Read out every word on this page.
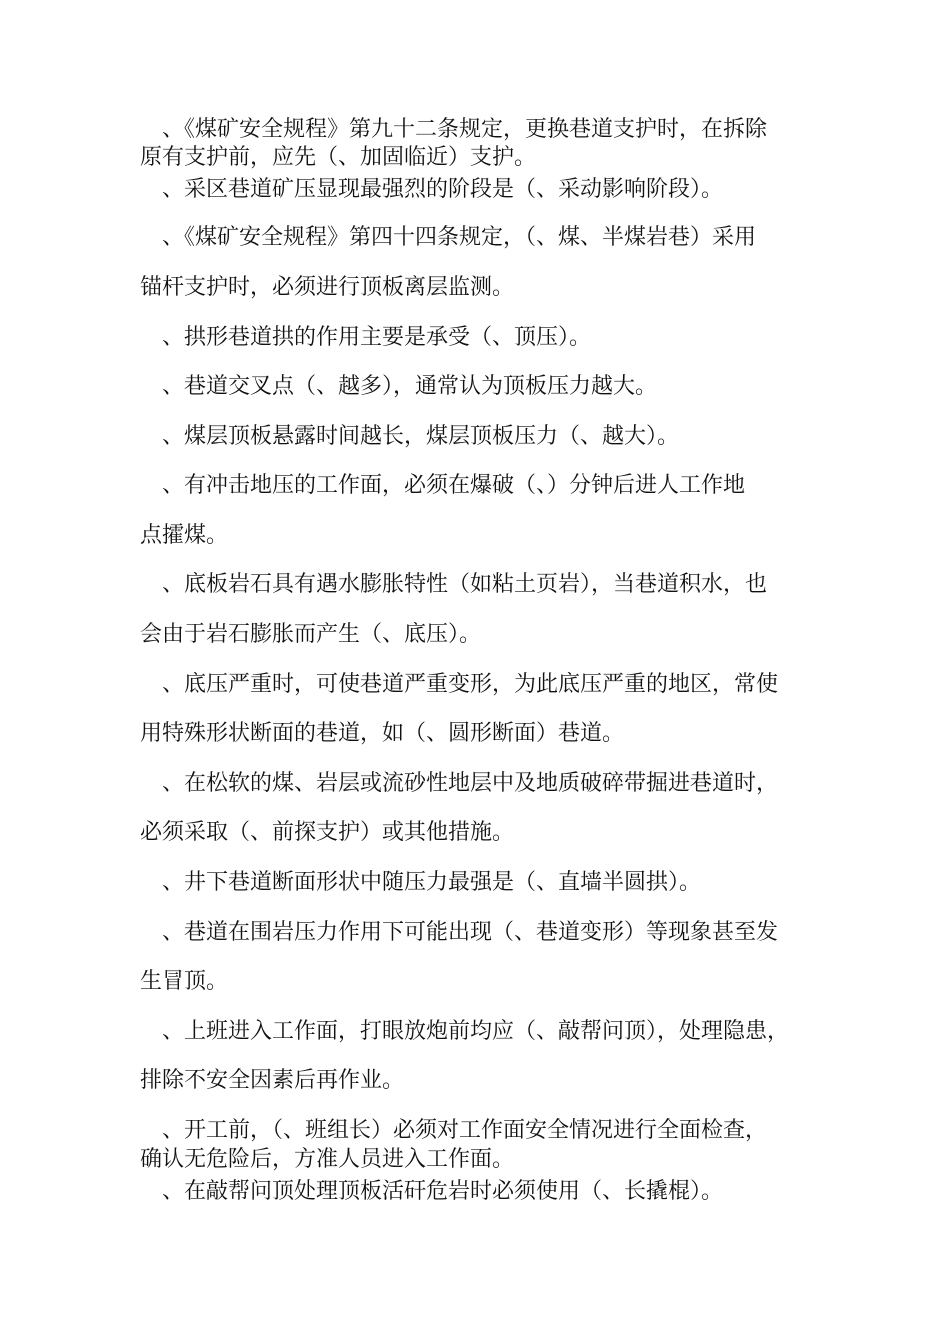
、《煤矿安全规程》第九十二条规定，更换巷道支护时，在拆除
原有支护前，应先（、加固临近）支护。
、采区巷道矿压显现最强烈的阶段是（、采动影响阶段）。
、《煤矿安全规程》第四十四条规定，（、煤、半煤岩巷）采用
锚杆支护时，必须进行顶板离层监测。
、拱形巷道拱的作用主要是承受（、顶压）。
、巷道交叉点（、越多），通常认为顶板压力越大。
、煤层顶板悬露时间越长，煤层顶板压力（、越大）。
、有冲击地压的工作面，必须在爆破（、）分钟后进人工作地
点攉煤。
、底板岩石具有遇水膨胀特性（如粘土页岩），当巷道积水，也
会由于岩石膨胀而产生（、底压）。
、底压严重时，可使巷道严重变形，为此底压严重的地区，常使
用特殊形状断面的巷道，如（、圆形断面）巷道。
、在松软的煤、岩层或流砂性地层中及地质破碎带掘进巷道时，
必须采取（、前探支护）或其他措施。
、井下巷道断面形状中随压力最强是（、直墙半圆拱）。
、巷道在围岩压力作用下可能出现（、巷道变形）等现象甚至发
生冒顶。
、上班进入工作面，打眼放炮前均应（、敲帮问顶），处理隐患，
排除不安全因素后再作业。
、开工前，（、班组长）必须对工作面安全情况进行全面检查，
确认无危险后，方准人员进入工作面。
、在敲帮问顶处理顶板活矸危岩时必须使用（、长撬棍）。
